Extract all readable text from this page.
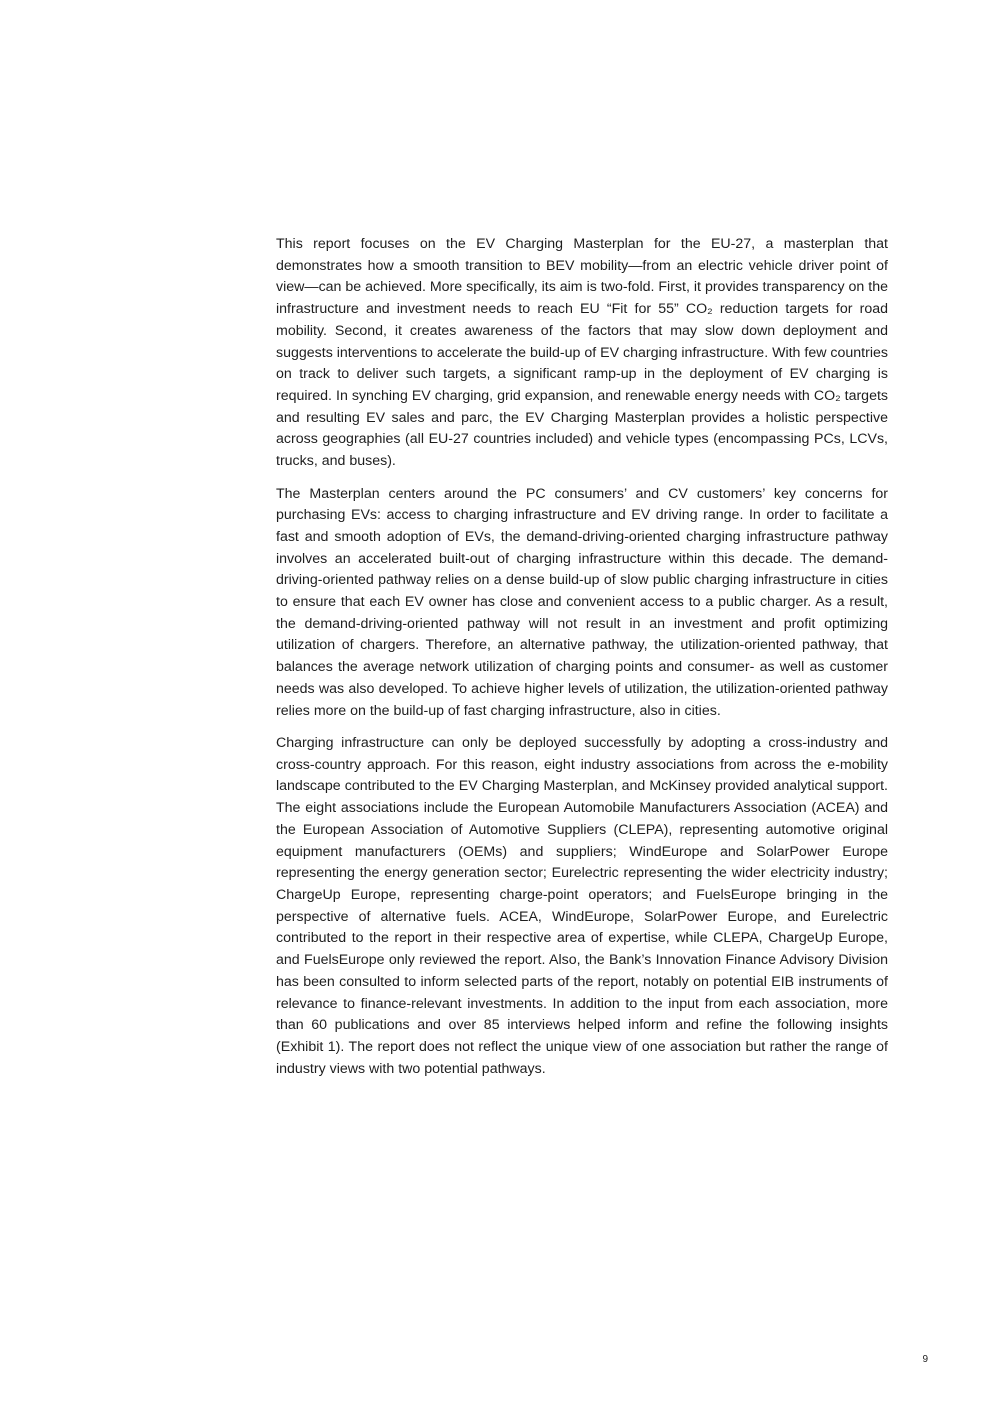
This report focuses on the EV Charging Masterplan for the EU-27, a masterplan that demonstrates how a smooth transition to BEV mobility—from an electric vehicle driver point of view—can be achieved. More specifically, its aim is two-fold. First, it provides transparency on the infrastructure and investment needs to reach EU “Fit for 55” CO₂ reduction targets for road mobility. Second, it creates awareness of the factors that may slow down deployment and suggests interventions to accelerate the build-up of EV charging infrastructure. With few countries on track to deliver such targets, a significant ramp-up in the deployment of EV charging is required. In synching EV charging, grid expansion, and renewable energy needs with CO₂ targets and resulting EV sales and parc, the EV Charging Masterplan provides a holistic perspective across geographies (all EU-27 countries included) and vehicle types (encompassing PCs, LCVs, trucks, and buses).

The Masterplan centers around the PC consumers’ and CV customers’ key concerns for purchasing EVs: access to charging infrastructure and EV driving range. In order to facilitate a fast and smooth adoption of EVs, the demand-driving-oriented charging infrastructure pathway involves an accelerated built-out of charging infrastructure within this decade. The demand-driving-oriented pathway relies on a dense build-up of slow public charging infrastructure in cities to ensure that each EV owner has close and convenient access to a public charger. As a result, the demand-driving-oriented pathway will not result in an investment and profit optimizing utilization of chargers. Therefore, an alternative pathway, the utilization-oriented pathway, that balances the average network utilization of charging points and consumer- as well as customer needs was also developed. To achieve higher levels of utilization, the utilization-oriented pathway relies more on the build-up of fast charging infrastructure, also in cities.

Charging infrastructure can only be deployed successfully by adopting a cross-industry and cross-country approach. For this reason, eight industry associations from across the e-mobility landscape contributed to the EV Charging Masterplan, and McKinsey provided analytical support. The eight associations include the European Automobile Manufacturers Association (ACEA) and the European Association of Automotive Suppliers (CLEPA), representing automotive original equipment manufacturers (OEMs) and suppliers; WindEurope and SolarPower Europe representing the energy generation sector; Eurelectric representing the wider electricity industry; ChargeUp Europe, representing charge-point operators; and FuelsEurope bringing in the perspective of alternative fuels. ACEA, WindEurope, SolarPower Europe, and Eurelectric contributed to the report in their respective area of expertise, while CLEPA, ChargeUp Europe, and FuelsEurope only reviewed the report. Also, the Bank’s Innovation Finance Advisory Division has been consulted to inform selected parts of the report, notably on potential EIB instruments of relevance to finance-relevant investments. In addition to the input from each association, more than 60 publications and over 85 interviews helped inform and refine the following insights (Exhibit 1). The report does not reflect the unique view of one association but rather the range of industry views with two potential pathways.

9
